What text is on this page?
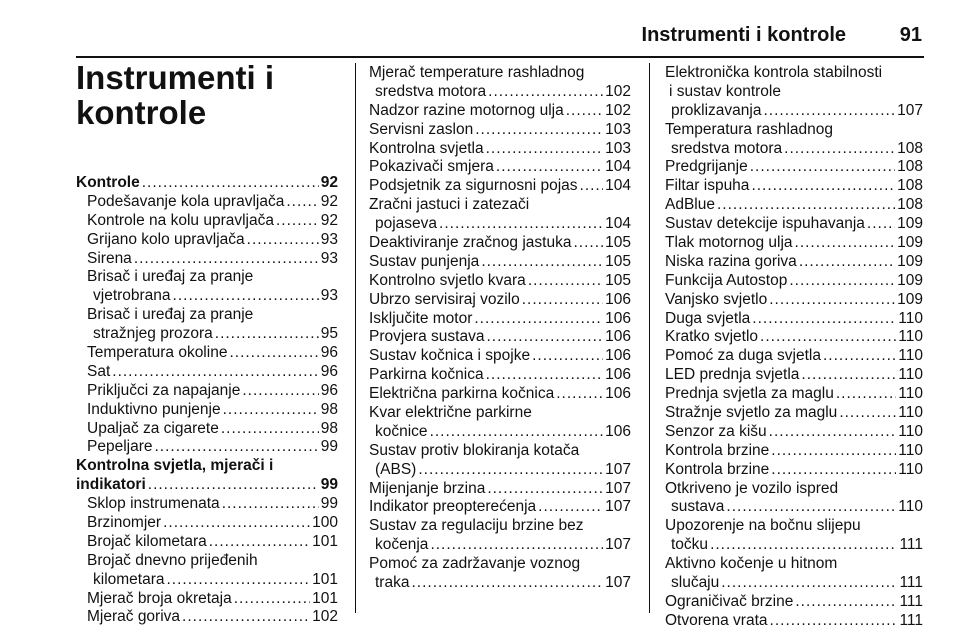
Instrumenti i kontrole	91
Instrumenti i kontrole
Kontrole .....	92
Podešavanje kola upravljača ..... 92
Kontrole na kolu upravljača .....	92
Grijano kolo upravljača .....	93
Sirena .....	93
Brisač i uređaj za pranje
vjetrobrana .....	93
Brisač i uređaj za pranje
stražnjeg prozora .....	95
Temperatura okoline .....	96
Sat .....	96
Priključci za napajanje .....	96
Induktivno punjenje .....	98
Upaljač za cigarete .....	98
Pepeljare .....	99
Kontrolna svjetla, mjerači i
indikatori .....	99
Sklop instrumenata .....	99
Brzinomjer .....	100
Brojač kilometara .....	101
Brojač dnevno prijeđenih
kilometara .....	101
Mjerač broja okretaja .....	101
Mjerač goriva .....	102
Mjerač temperature rashladnog
sredstva motora .....	102
Nadzor razine motornog ulja .....	102
Servisni zaslon .....	103
Kontrolna svjetla .....	103
Pokazivači smjera .....	104
Podsjetnik za sigurnosni pojas ..... 104
Zračni jastuci i zatezači
pojaseva .....	104
Deaktiviranje zračnog jastuka ..... 105
Sustav punjenja .....	105
Kontrolno svjetlo kvara .....	105
Ubrzo servisiraj vozilo .....	106
Isključite motor .....	106
Provjera sustava .....	106
Sustav kočnica i spojke .....	106
Parkirna kočnica .....	106
Električna parkirna kočnica .....	106
Kvar električne parkirne
kočnice .....	106
Sustav protiv blokiranja kotača
(ABS) .....	107
Mijenjanje brzina .....	107
Indikator preopterećenja .....	107
Sustav za regulaciju brzine bez
kočenja .....	107
Pomoć za zadržavanje voznog
traka .....	107
Elektronička kontrola stabilnosti
i sustav kontrole
proklizavanja .....	107
Temperatura rashladnog
sredstva motora .....	108
Predgrijanje .....	108
Filtar ispuha .....	108
AdBlue .....	108
Sustav detekcije ispuhavanja ..... 109
Tlak motornog ulja .....	109
Niska razina goriva .....	109
Funkcija Autostop .....	109
Vanjsko svjetlo .....	109
Duga svjetla .....	110
Kratko svjetlo .....	110
Pomoć za duga svjetla .....	110
LED prednja svjetla .....	110
Prednja svjetla za maglu .....	110
Stražnje svjetlo za maglu .....	110
Senzor za kišu .....	110
Kontrola brzine .....	110
Kontrola brzine .....	110
Otkriveno je vozilo ispred
sustava .....	110
Upozorenje na bočnu slijepu
točku .....	111
Aktivno kočenje u hitnom
slučaju .....	111
Ograničivač brzine .....	111
Otvorena vrata .....	111
